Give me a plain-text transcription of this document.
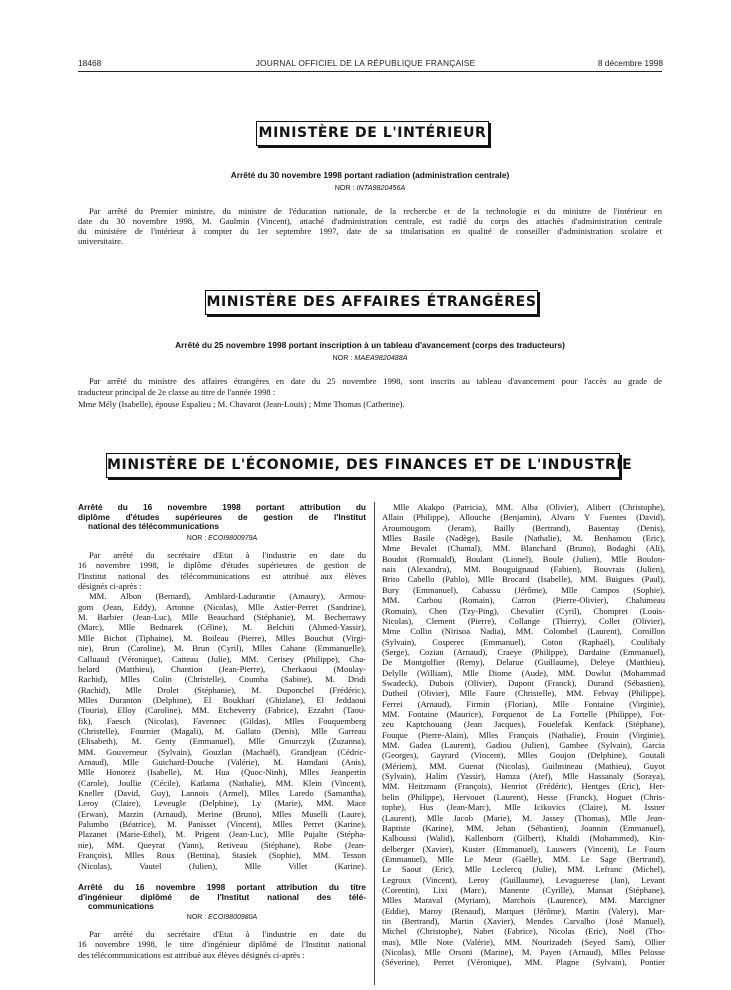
18468	JOURNAL OFFICIEL DE LA RÉPUBLIQUE FRANÇAISE	8 décembre 1998
MINISTÈRE DE L'INTÉRIEUR
Arrêté du 30 novembre 1998 portant radiation (administration centrale)
NOR : INTA9820456A
Par arrêté du Premier ministre, du ministre de l'éducation nationale, de la recherche et de la technologie et du ministre de l'intérieur en
date du 30 novembre 1998, M. Gaulmin (Vincent), attaché d'administration centrale, est radié du corps des attachés d'administration centrale
du ministère de l'intérieur à compter du 1er septembre 1997, date de sa titularisation en qualité de conseiller d'administration scolaire et
universitaire.
MINISTÈRE DES AFFAIRES ÉTRANGÈRES
Arrêté du 25 novembre 1998 portant inscription à un tableau d'avancement (corps des traducteurs)
NOR : MAEA9820488A
Par arrêté du ministre des affaires étrangères en date du 25 novembre 1998, sont inscrits au tableau d'avancement pour l'accès au grade de
traducteur principal de 2e classe au titre de l'année 1998 :
Mme Mély (Isabelle), épouse Espalieu ; M. Chavarot (Jean-Louis) ; Mme Thomas (Catherine).
MINISTÈRE DE L'ÉCONOMIE, DES FINANCES ET DE L'INDUSTRIE
Arrêté du 16 novembre 1998 portant attribution du
diplôme d'études supérieures de gestion de l'Institut
national des télécommunications
NOR : ECOI9800979A
Par arrêté du secrétaire d'Etat à l'industrie en date du
16 novembre 1998, le diplôme d'études supérieures de gestion de
l'Institut national des télécommunications est attribué aux élèves
désignés ci-après :
MM. Albon (Bernard), Amblard-Ladurantie (Amaury), Armou-
gom (Jean, Eddy), Artonne (Nicolas), Mlle Astier-Perret (Sandrine),
M. Barbier (Jean-Luc), Mlle Beauchard (Stéphanie), M. Becherrawy
(Marc), Mlle Bednarek (Céline), M. Belchiti (Ahmed-Yassir),
Mlle Bichot (Tiphaine), M. Boileau (Pierre), Mlles Bouchut (Virgi-
nie), Brun (Caroline), M. Brun (Cyril), Mlles Cahane (Emmanuelle),
Calluaud (Véronique), Catteau (Julie), MM. Cerisey (Philippe), Cha-
belard (Matthieu), Chantion (Jean-Pierre), Cherkaoui (Moulay-
Rachid), Mlles Colin (Christelle), Coumba (Sabine), M. Dridi
(Rachid), Mlle Drolet (Stéphanie), M. Duponchel (Frédéric),
Mlles Duranton (Delphine), El Boukhari (Ghizlane), El Jeddaoui
(Touria), Elloy (Caroline), MM. Etcheverry (Fabrice), Ezzahri (Taou-
fik), Faesch (Nicolas), Favennec (Gildas), Mlles Fouquemberg
(Christelle), Fournier (Magali), M. Gallato (Denis), Mlle Garreau
(Elisabeth), M. Genty (Emmanuel), Mlle Gmurczyk (Zuzanna),
MM. Gouverneur (Sylvain), Gouzlan (Machaël), Grandjean (Cédric-
Arnaud), Mlle Guichard-Douche (Valérie), M. Hamdani (Anis),
Mlle Honorez (Isabelle), M. Hua (Quoc-Ninh), Mlles Jeanpertin
(Carole), Joullie (Cécile), Katlama (Nathalie), MM. Klein (Vincent),
Kneller (David, Guy), Lannois (Armel), Mlles Laredo (Samantha),
Leroy (Claire), Leveugle (Delphine), Ly (Marie), MM. Mace
(Erwan), Marzin (Arnaud), Merine (Bruno), Mlles Muselli (Laure),
Palumbo (Béatrice), M. Panisset (Vincent), Mlles Perret (Karine),
Plazanet (Marie-Ethel), M. Prigent (Jean-Luc), Mlle Pujalte (Stépha-
nie), MM. Queyrat (Yann), Retiveau (Stéphane), Robe (Jean-
François), Mlles Roux (Bettina), Stasiek (Sophie), MM. Tesson
(Nicolas), Vautel (Julien), Mlle Villet (Karine).
Arrêté du 16 novembre 1998 portant attribution du titre
d'ingénieur diplômé de l'Institut national des télé-
communications
NOR : ECOI9800980A
Par arrêté du secrétaire d'Etat à l'industrie en date du
16 novembre 1998, le titre d'ingénieur diplômé de l'Institut national
des télécommunications est attribué aux élèves désignés ci-après :
Mlle Akakpo (Patricia), MM. Alba (Olivier), Alibert (Christophe),
Allain (Philippe), Allouche (Benjamin), Alvaro Y Fuentes (David),
Aroumougom (Jeram), Bailly (Bertrand), Basentay (Denis),
Mlles Basile (Nadège), Basile (Nathalie), M. Benhamou (Eric),
Mme Bevalet (Chantal), MM. Blanchard (Bruno), Bodaghi (Ali),
Boudot (Romuald), Boulant (Lionel), Boule (Julien), Mlle Boulon-
nais (Alexandra), MM. Bouguignaud (Fabien), Bouvrais (Julien),
Brito Cabello (Pablo), Mlle Brocard (Isabelle), MM. Buigues (Paul),
Bury (Emmanuel), Cabassu (Jérôme), Mlle Campos (Sophie),
MM. Carbou (Romain), Carron (Pierre-Olivier), Chalumeau
(Romain), Chen (Tzy-Ping), Chevalier (Cyril), Chompret (Louis-
Nicolas), Clement (Pierre), Collange (Thierry), Collet (Olivier),
Mme Collin (Nirisoa Nadia), MM. Colombel (Laurent), Cornillon
(Sylvain), Cosperec (Emmanuel), Coton (Raphaël), Coulibaly
(Serge), Cozian (Arnaud), Craeye (Philippe), Dardaine (Emmanuel),
De Montgolfier (Remy), Delarue (Guillaume), Deleye (Matthieu),
Delylle (William), Mlle Diome (Aude), MM. Dowlut (Mohammad
Swadeck), Dubois (Olivier), Dupont (Franck), Durand (Sébastien),
Dutheil (Olivier), Mlle Faure (Christelle), MM. Febvay (Philippe),
Ferrei (Arnaud), Firmin (Florian), Mlle Fontaine (Virginie),
MM. Fontaine (Maurice), Forquenot de La Fortelle (Philippe), Fot-
zeu Kaptchouang (Jean Jacques), Fouelefak Kenfack (Stéphane),
Fouque (Pierre-Alain), Mlles François (Nathalie), Frouin (Virginie),
MM. Gadea (Laurent), Gadiou (Julien), Gambee (Sylvain), Garcia
(Georges), Gayrard (Vincent), Mlles Goujon (Delphine), Goutali
(Mériem), MM. Guenat (Nicolas), Guilmineau (Mathieu), Guyot
(Sylvain), Halim (Yassir), Hamza (Atef), Mlle Hassanaly (Soraya),
MM. Heitzmann (François), Henriot (Frédéric), Hentges (Eric), Her-
belin (Philippe), Hervouet (Laurent), Hesse (Franck), Hoguet (Chris-
tophe), Hus (Jean-Marc), Mlle Icikovics (Claire), M. Issner
(Laurent), Mlle Jacob (Marie), M. Jassey (Thomas), Mlle Jean-
Baptiste (Karine), MM. Jehan (Sébastien), Joannin (Emmanuel),
Kalboussi (Walid), Kallenborn (Gilbert), Khaldi (Mohammed), Kin-
delberger (Xavier), Kuster (Emmanuel), Lauwers (Vincent), Le Fourn
(Emmanuel), Mlle Le Meur (Gaëlle), MM. Le Sage (Bertrand),
Le Saout (Eric), Mlle Leclercq (Julie), MM. Lefranc (Michel),
Legroux (Vincent), Leroy (Guillaume), Levaguerese (Jan), Levant
(Corentin), Lixi (Marc), Manente (Cyrille), Mansat (Stéphane),
Mlles Maraval (Myriam), Marchois (Laurence), MM. Marcigner
(Eddie), Maroy (Renaud), Marquet (Jérôme), Martin (Valery), Mar-
tin (Bertrand), Martin (Xavier), Mendes Carvalho (José Manuel),
Michel (Christophe), Nabet (Fabrice), Nicolas (Eric), Noël (Tho-
mas), Mlle Note (Valérie), MM. Nourizadeh (Seyed Sam), Ollier
(Nicolas), Mlle Orsoni (Marine), M. Payen (Arnaud), Mlles Pelosse
(Séverine), Perret (Véronique), MM. Plagne (Sylvain), Pontier
